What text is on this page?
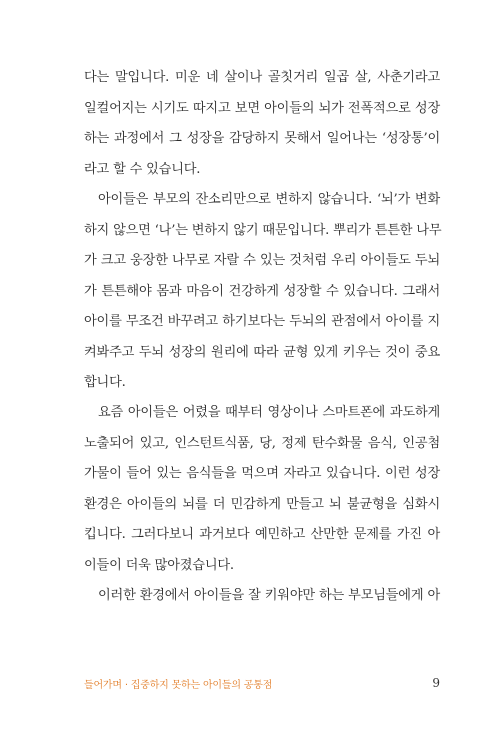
다는 말입니다. 미운 네 살이나 골칫거리 일곱 살, 사춘기라고
일컬어지는 시기도 따지고 보면 아이들의 뇌가 전폭적으로 성장
하는 과정에서 그 성장을 감당하지 못해서 일어나는 ‘성장통’이
라고 할 수 있습니다.
아이들은 부모의 잔소리만으로 변하지 않습니다. ‘뇌’가 변화
하지 않으면 ‘나’는 변하지 않기 때문입니다. 뿌리가 튼튼한 나무
가 크고 웅장한 나무로 자랄 수 있는 것처럼 우리 아이들도 두뇌
가 튼튼해야 몸과 마음이 건강하게 성장할 수 있습니다. 그래서
아이를 무조건 바꾸려고 하기보다는 두뇌의 관점에서 아이를 지
켜봐주고 두뇌 성장의 원리에 따라 균형 있게 키우는 것이 중요
합니다.
요즘 아이들은 어렸을 때부터 영상이나 스마트폰에 과도하게
노출되어 있고, 인스턴트식품, 당, 정제 탄수화물 음식, 인공첨
가물이 들어 있는 음식들을 먹으며 자라고 있습니다. 이런 성장
환경은 아이들의 뇌를 더 민감하게 만들고 뇌 불균형을 심화시
킵니다. 그러다보니 과거보다 예민하고 산만한 문제를 가진 아
이들이 더욱 많아졌습니다.
이러한 환경에서 아이들을 잘 키워야만 하는 부모님들에게 아
들어가며 · 집중하지 못하는 아이들의 공통점	9
